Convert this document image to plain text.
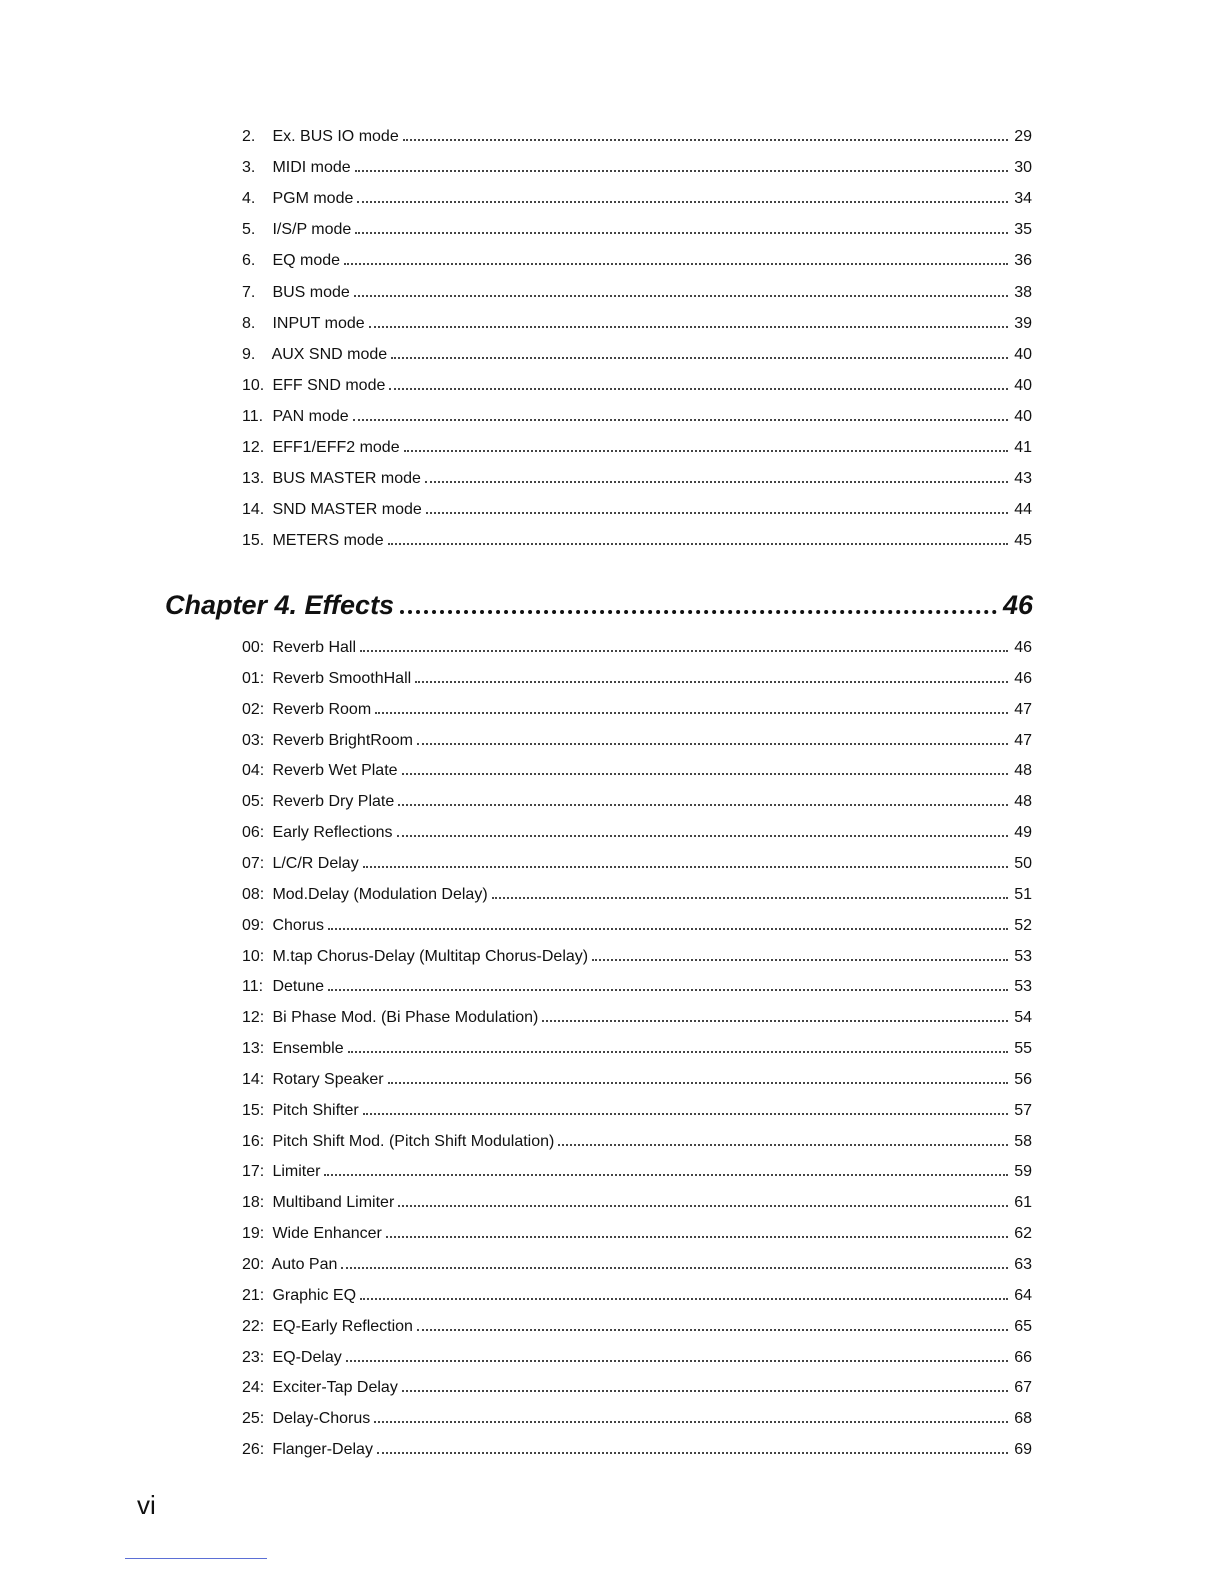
2. Ex. BUS IO mode	29
3. MIDI mode	30
4. PGM mode	34
5. I/S/P mode	35
6. EQ mode	36
7. BUS mode	38
8. INPUT mode	39
9. AUX SND mode	40
10. EFF SND mode	40
11. PAN mode	40
12. EFF1/EFF2 mode	41
13. BUS MASTER mode	43
14. SND MASTER mode	44
15. METERS mode	45
Chapter 4. Effects	46
00: Reverb Hall	46
01: Reverb SmoothHall	46
02: Reverb Room	47
03: Reverb BrightRoom	47
04: Reverb Wet Plate	48
05: Reverb Dry Plate	48
06: Early Reflections	49
07: L/C/R Delay	50
08: Mod.Delay (Modulation Delay)	51
09: Chorus	52
10: M.tap Chorus-Delay (Multitap Chorus-Delay)	53
11: Detune	53
12: Bi Phase Mod. (Bi Phase Modulation)	54
13: Ensemble	55
14: Rotary Speaker	56
15: Pitch Shifter	57
16: Pitch Shift Mod. (Pitch Shift Modulation)	58
17: Limiter	59
18: Multiband Limiter	61
19: Wide Enhancer	62
20: Auto Pan	63
21: Graphic EQ	64
22: EQ-Early Reflection	65
23: EQ-Delay	66
24: Exciter-Tap Delay	67
25: Delay-Chorus	68
26: Flanger-Delay	69
vi
